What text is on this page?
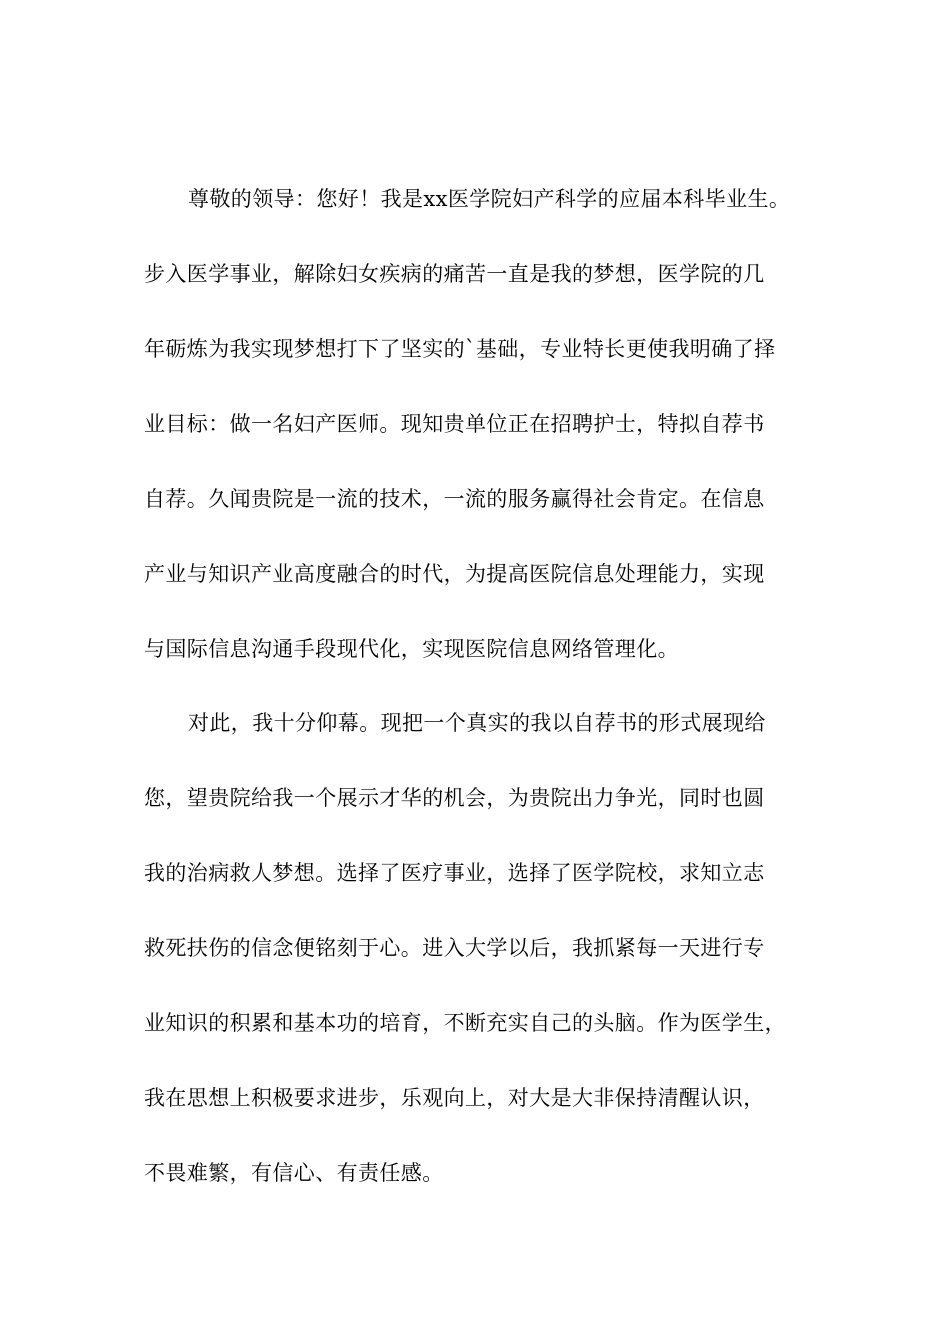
尊敬的领导：您好！我是xx医学院妇产科学的应届本科毕业生。

步入医学事业，解除妇女疾病的痛苦一直是我的梦想，医学院的几

年砺炼为我实现梦想打下了坚实的`基础，专业特长更使我明确了择

业目标：做一名妇产医师。现知贵单位正在招聘护士，特拟自荐书

自荐。久闻贵院是一流的技术，一流的服务赢得社会肯定。在信息

产业与知识产业高度融合的时代，为提高医院信息处理能力，实现

与国际信息沟通手段现代化，实现医院信息网络管理化。

对此，我十分仰幕。现把一个真实的我以自荐书的形式展现给

您，望贵院给我一个展示才华的机会，为贵院出力争光，同时也圆

我的治病救人梦想。选择了医疗事业，选择了医学院校，求知立志

救死扶伤的信念便铭刻于心。进入大学以后，我抓紧每一天进行专

业知识的积累和基本功的培育，不断充实自己的头脑。作为医学生，

我在思想上积极要求进步，乐观向上，对大是大非保持清醒认识，

不畏难繁，有信心、有责任感。
